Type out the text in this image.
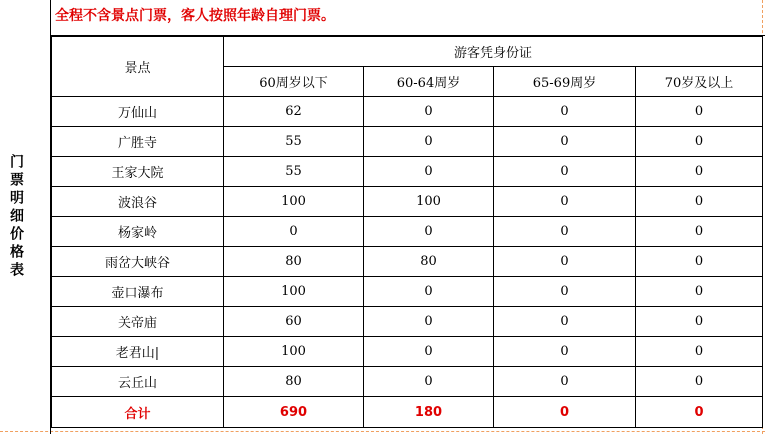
门票明细价格表
全程不含景点门票，客人按照年龄自理门票。
景点	游客凭身份证			
	60周岁以下	60-64周岁	65-69周岁	70岁及以上
万仙山	62	0	0	0
广胜寺	55	0	0	0
王家大院	55	0	0	0
波浪谷	100	100	0	0
杨家岭	0	0	0	0
雨岔大峡谷	80	80	0	0
壶口瀑布	100	0	0	0
关帝庙	60	0	0	0
老君山|	100	0	0	0
云丘山	80	0	0	0
合计	690	180	0	0
